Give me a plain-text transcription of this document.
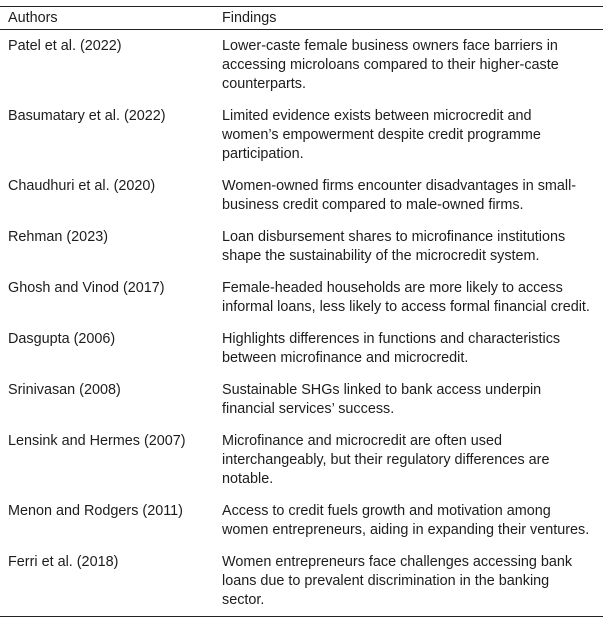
Authors	Findings
Patel et al. (2022)	Lower-caste female business owners face barriers in accessing microloans compared to their higher-caste counterparts.
Basumatary et al. (2022)	Limited evidence exists between microcredit and women’s empowerment despite credit programme participation.
Chaudhuri et al. (2020)	Women-owned firms encounter disadvantages in small-business credit compared to male-owned firms.
Rehman (2023)	Loan disbursement shares to microfinance institutions shape the sustainability of the microcredit system.
Ghosh and Vinod (2017)	Female-headed households are more likely to access informal loans, less likely to access formal financial credit.
Dasgupta (2006)	Highlights differences in functions and characteristics between microfinance and microcredit.
Srinivasan (2008)	Sustainable SHGs linked to bank access underpin financial services’ success.
Lensink and Hermes (2007)	Microfinance and microcredit are often used interchangeably, but their regulatory differences are notable.
Menon and Rodgers (2011)	Access to credit fuels growth and motivation among women entrepreneurs, aiding in expanding their ventures.
Ferri et al. (2018)	Women entrepreneurs face challenges accessing bank loans due to prevalent discrimination in the banking sector.
